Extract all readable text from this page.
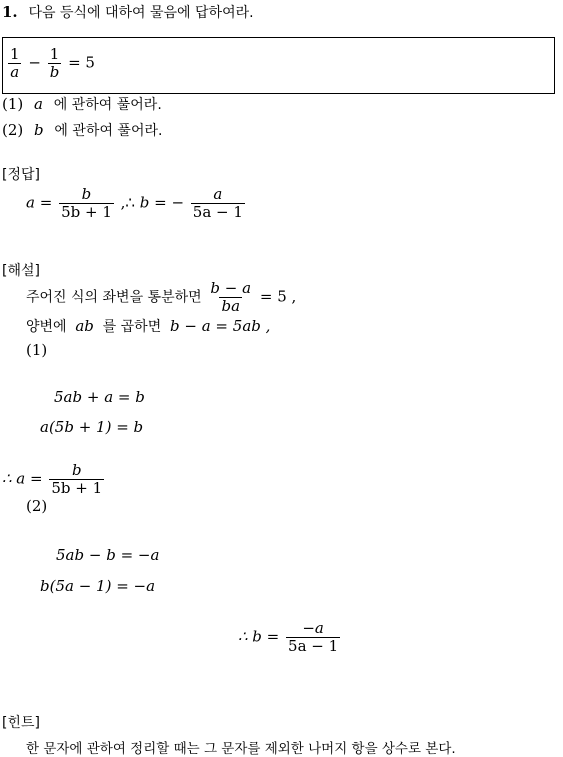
1. 다음 등식에 대하여 물음에 답하여라.
$\frac{1}{a} - \frac{1}{b} = 5$
(1) a 에 관하여 풀어라.
(2) b 에 관하여 풀어라.
[정답]
$a = \frac{b}{5b + 1}$ ,∴ b = − $\frac{a}{5a - 1}$
[해설]
주어진 식의 좌변을 통분하면 $\frac{b - a}{ba} = 5$ ,
양변에 ab 를 곱하면 b − a = 5ab ,
(1)
5ab + a = b
a(5b + 1) = b
∴ $a = \frac{b}{5b + 1}$
(2)
5ab − b = −a
b(5a − 1) = −a
∴ $b = \frac{-a}{5a - 1}$
[힌트]
한 문자에 관하여 정리할 때는 그 문자를 제외한 나머지 항을 상수로 본다.
